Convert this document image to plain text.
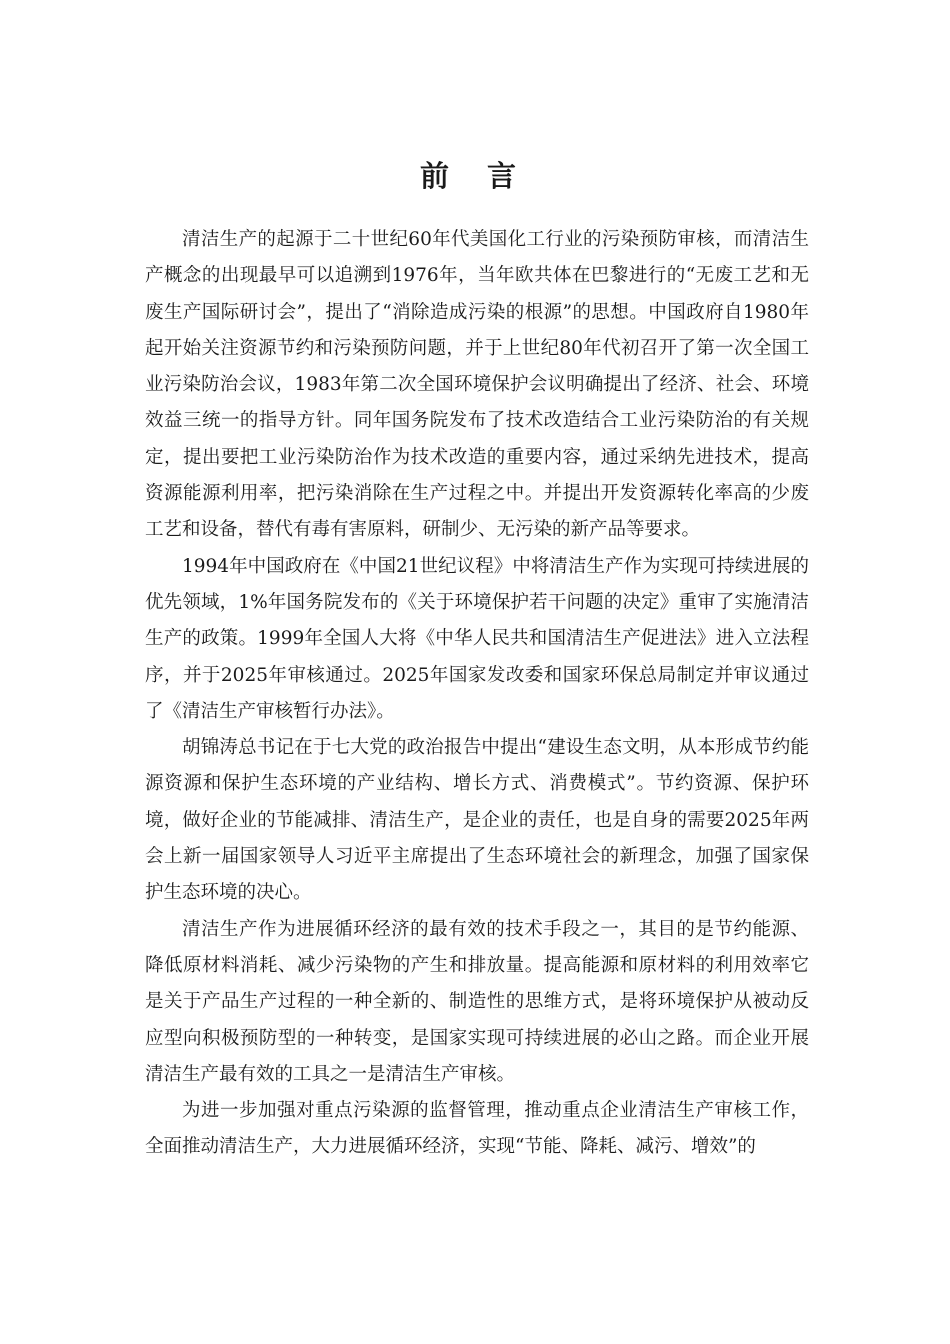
前 言

清洁生产的起源于二十世纪60年代美国化工行业的污染预防审核，而清洁生产概念的出现最早可以追溯到1976年，当年欧共体在巴黎进行的“无废工艺和无废生产国际研讨会”，提出了“消除造成污染的根源”的思想。中国政府自1980年起开始关注资源节约和污染预防问题，并于上世纪80年代初召开了第一次全国工业污染防治会议，1983年第二次全国环境保护会议明确提出了经济、社会、环境效益三统一的指导方针。同年国务院发布了技术改造结合工业污染防治的有关规定，提出要把工业污染防治作为技术改造的重要内容，通过采纳先进技术，提高资源能源利用率，把污染消除在生产过程之中。并提出开发资源转化率高的少废工艺和设备，替代有毒有害原料，研制少、无污染的新产品等要求。

1994年中国政府在《中国21世纪议程》中将清洁生产作为实现可持续进展的优先领域，1%年国务院发布的《关于环境保护若干问题的决定》重审了实施清洁生产的政策。1999年全国人大将《中华人民共和国清洁生产促进法》进入立法程序，并于2025年审核通过。2025年国家发改委和国家环保总局制定并审议通过了《清洁生产审核暂行办法》。

胡锦涛总书记在于七大党的政治报告中提出“建设生态文明，从本形成节约能源资源和保护生态环境的产业结构、增长方式、消费模式”。节约资源、保护环境，做好企业的节能减排、清洁生产，是企业的责任，也是自身的需要2025年两会上新一届国家领导人习近平主席提出了生态环境社会的新理念，加强了国家保护生态环境的决心。

清洁生产作为进展循环经济的最有效的技术手段之一，其目的是节约能源、降低原材料消耗、减少污染物的产生和排放量。提高能源和原材料的利用效率它是关于产品生产过程的一种全新的、制造性的思维方式，是将环境保护从被动反应型向积极预防型的一种转变，是国家实现可持续进展的必山之路。而企业开展清洁生产最有效的工具之一是清洁生产审核。

为进一步加强对重点污染源的监督管理，推动重点企业清洁生产审核工作，全面推动清洁生产，大力进展循环经济，实现“节能、降耗、减污、增效”的
